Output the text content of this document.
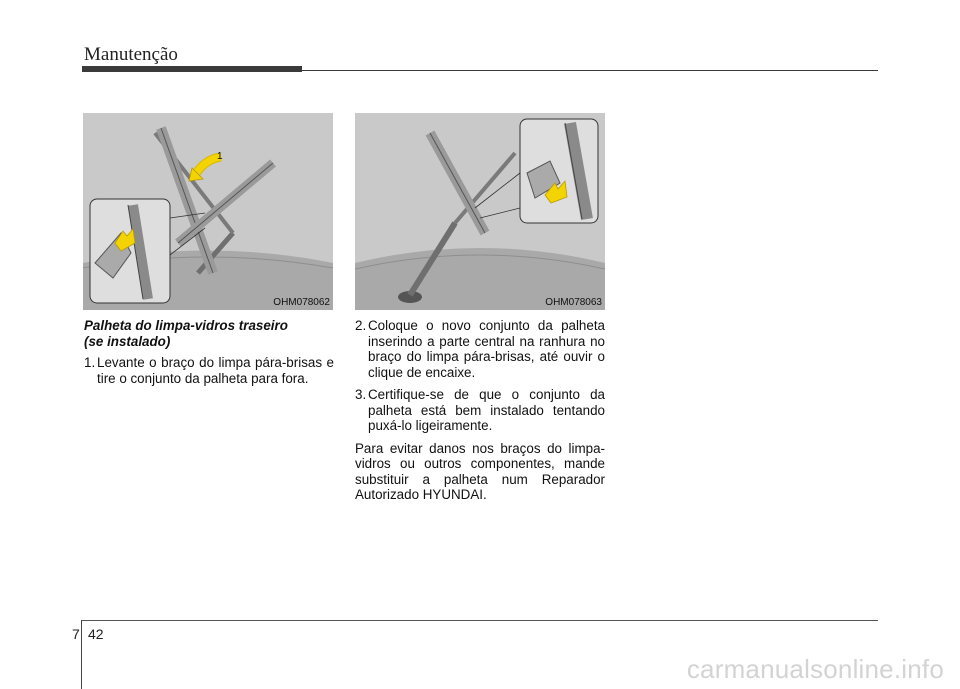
Manutenção
1
OHM078062	OHM078063
Palheta do limpa-vidros traseiro
(se instalado)
1. Levante o braço do limpa pára-brisas e tire o conjunto da palheta para fora.
2. Coloque o novo conjunto da palheta inserindo a parte central na ranhura no braço do limpa pára-brisas, até ouvir o clique de encaixe.
3. Certifique-se de que o conjunto da palheta está bem instalado tentando puxá-lo ligeiramente.
Para evitar danos nos braços do limpa-vidros ou outros componentes, mande substituir a palheta num Reparador Autorizado HYUNDAI.
7 42
carmanualsonline.info
